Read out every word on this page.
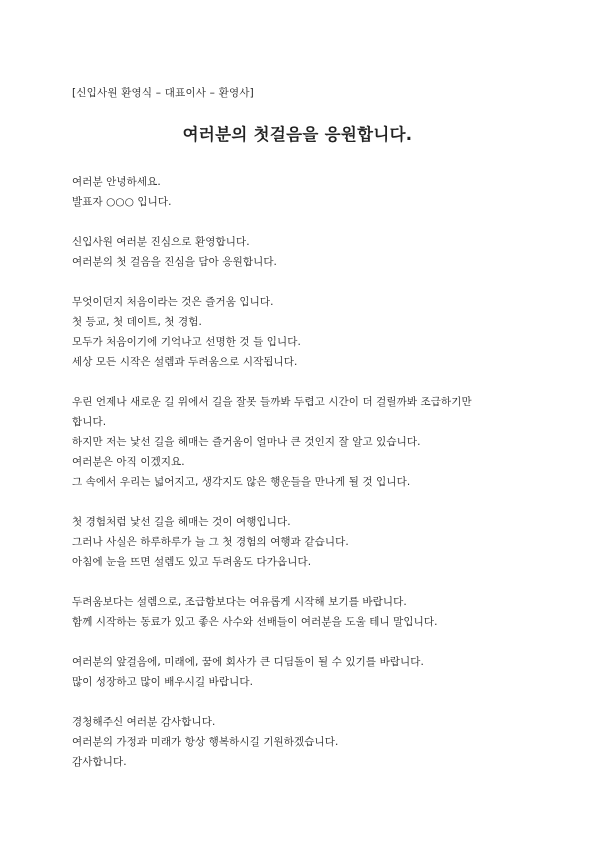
[신입사원 환영식 – 대표이사 – 환영사]
여러분의 첫걸음을 응원합니다.
여러분 안녕하세요.
발표자 ○○○ 입니다.
신입사원 여러분 진심으로 환영합니다.
여러분의 첫 걸음을 진심을 담아 응원합니다.
무엇이던지 처음이라는 것은 즐거움 입니다.
첫 등교, 첫 데이트, 첫 경험.
모두가 처음이기에 기억나고 선명한 것 들 입니다.
세상 모든 시작은 설렘과 두려움으로 시작됩니다.
우린 언제나 새로운 길 위에서 길을 잘못 들까봐 두렵고 시간이 더 걸릴까봐 조급하기만
합니다.
하지만 저는 낯선 길을 헤매는 즐거움이 얼마나 큰 것인지 잘 알고 있습니다.
여러분은 아직 이겠지요.
그 속에서 우리는 넓어지고, 생각지도 않은 행운들을 만나게 될 것 입니다.
첫 경험처럼 낯선 길을 헤매는 것이 여행입니다.
그러나 사실은 하루하루가 늘 그 첫 경험의 여행과 같습니다.
아침에 눈을 뜨면 설렘도 있고 두려움도 다가옵니다.
두려움보다는 설렘으로, 조급함보다는 여유롭게 시작해 보기를 바랍니다.
함께 시작하는 동료가 있고 좋은 사수와 선배들이 여러분을 도울 테니 말입니다.
여러분의 앞걸음에, 미래에, 꿈에 회사가 큰 디딤돌이 될 수 있기를 바랍니다.
많이 성장하고 많이 배우시길 바랍니다.
경청해주신 여러분 감사합니다.
여러분의 가정과 미래가 항상 행복하시길 기원하겠습니다.
감사합니다.
